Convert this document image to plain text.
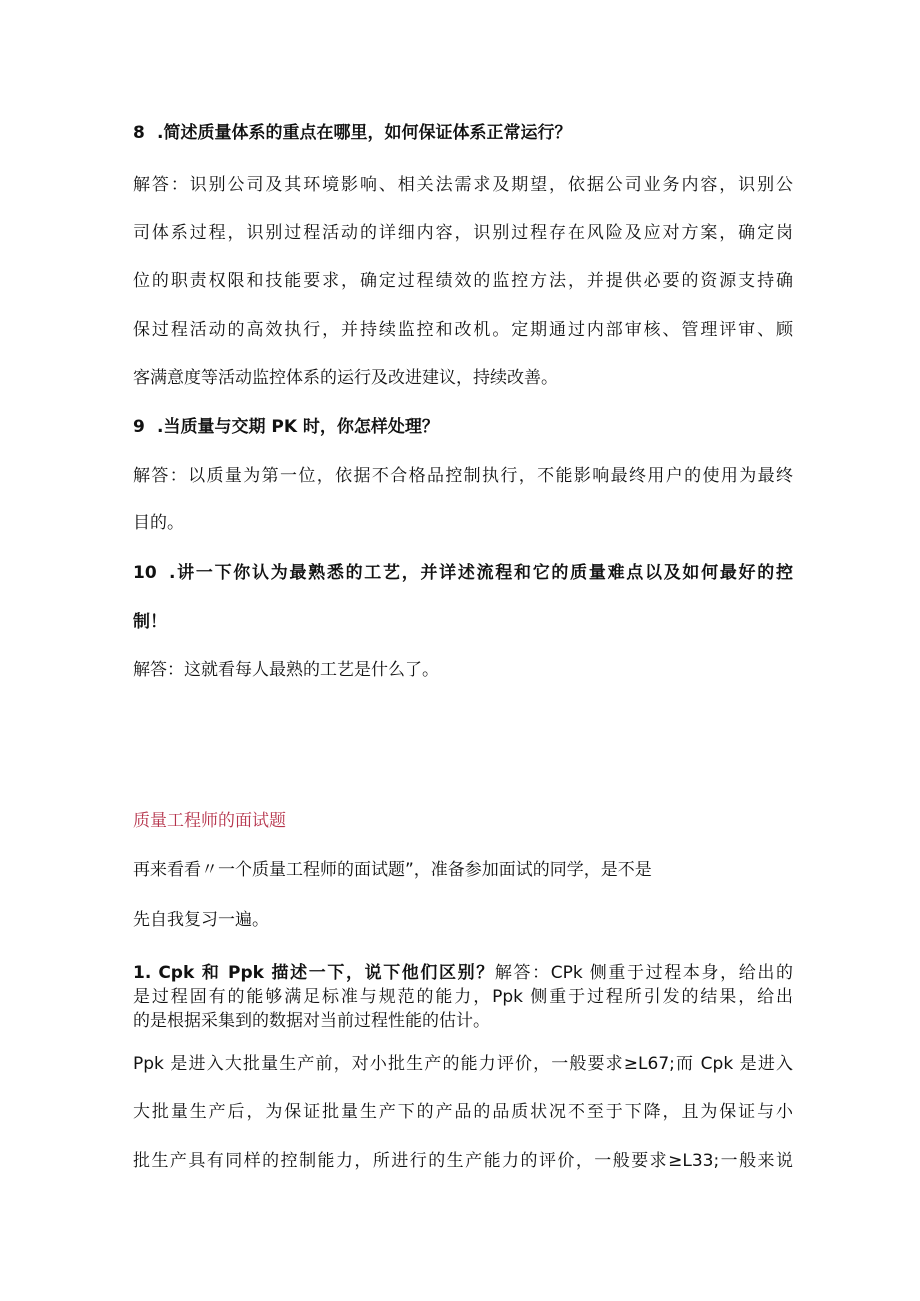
8 .简述质量体系的重点在哪里，如何保证体系正常运行？
解答：识别公司及其环境影响、相关法需求及期望，依据公司业务内容，识别公
司体系过程，识别过程活动的详细内容，识别过程存在风险及应对方案，确定岗
位的职责权限和技能要求，确定过程绩效的监控方法，并提供必要的资源支持确
保过程活动的高效执行，并持续监控和改机。定期通过内部审核、管理评审、顾
客满意度等活动监控体系的运行及改进建议，持续改善。
9 .当质量与交期 PK 时，你怎样处理？
解答：以质量为第一位，依据不合格品控制执行，不能影响最终用户的使用为最终
目的。
10 .讲一下你认为最熟悉的工艺，并详述流程和它的质量难点以及如何最好的控
制！
解答：这就看每人最熟的工艺是什么了。
质量工程师的面试题
再来看看〃一个质量工程师的面试题”，准备参加面试的同学，是不是
先自我复习一遍。
1. Cpk 和 Ppk 描述一下，说下他们区别？解答：CPk 侧重于过程本身，给出的
是过程固有的能够满足标准与规范的能力，Ppk 侧重于过程所引发的结果，给出
的是根据采集到的数据对当前过程性能的估计。
Ppk 是进入大批量生产前，对小批生产的能力评价，一般要求≥L67;而 Cpk 是进入
大批量生产后，为保证批量生产下的产品的品质状况不至于下降，且为保证与小
批生产具有同样的控制能力，所进行的生产能力的评价，一般要求≥L33;一般来说
